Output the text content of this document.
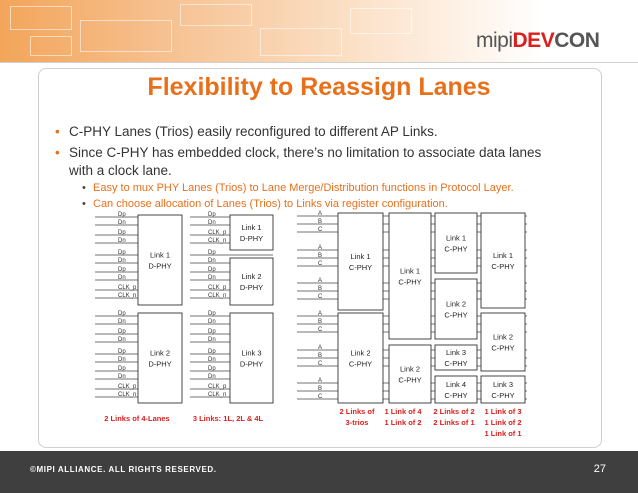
mipiDEVCON
Flexibility to Reassign Lanes
• C-PHY Lanes (Trios) easily reconfigured to different AP Links.
• Since C-PHY has embedded clock, there’s no limitation to associate data lanes with a clock lane.
• Easy to mux PHY Lanes (Trios) to Lane Merge/Distribution functions in Protocol Layer.
• Can choose allocation of Lanes (Trios) to Links via register configuration.
Dp
Dn
Dp
Dn
Dp
Dn
Dp
Dn
CLK_p
CLK_n
Dp
Dn
Dp
Dn
Dp
Dn
Dp
Dn
CLK_p
CLK_n
Link 1
D-PHY
Link 2
D-PHY
Dp
Dn
CLK_p
CLK_n
Dp
Dn
Dp
Dn
CLK_p
CLK_n
Dp
Dn
Dp
Dn
Dp
Dn
Dp
Dn
CLK_p
CLK_n
Link 1
D-PHY
Link 2
D-PHY
Link 3
D-PHY
2 Links of 4-Lanes	3 Links: 1L, 2L & 4L
A
B
C
A
B
C
A
B
C
A
B
C
A
B
C
A
B
C
Link 1
C-PHY
Link 2
C-PHY
Link 1
C-PHY
Link 2
C-PHY
Link 1
C-PHY
Link 2
C-PHY
Link 3
C-PHY
Link 4
C-PHY
Link 1
C-PHY
Link 2
C-PHY
Link 3
C-PHY
2 Links of
3-trios
1 Link of 4
1 Link of 2
2 Links of 2
2 Links of 1
1 Link of 3
1 Link of 2
1 Link of 1
©MIPI ALLIANCE. ALL RIGHTS RESERVED.	27
